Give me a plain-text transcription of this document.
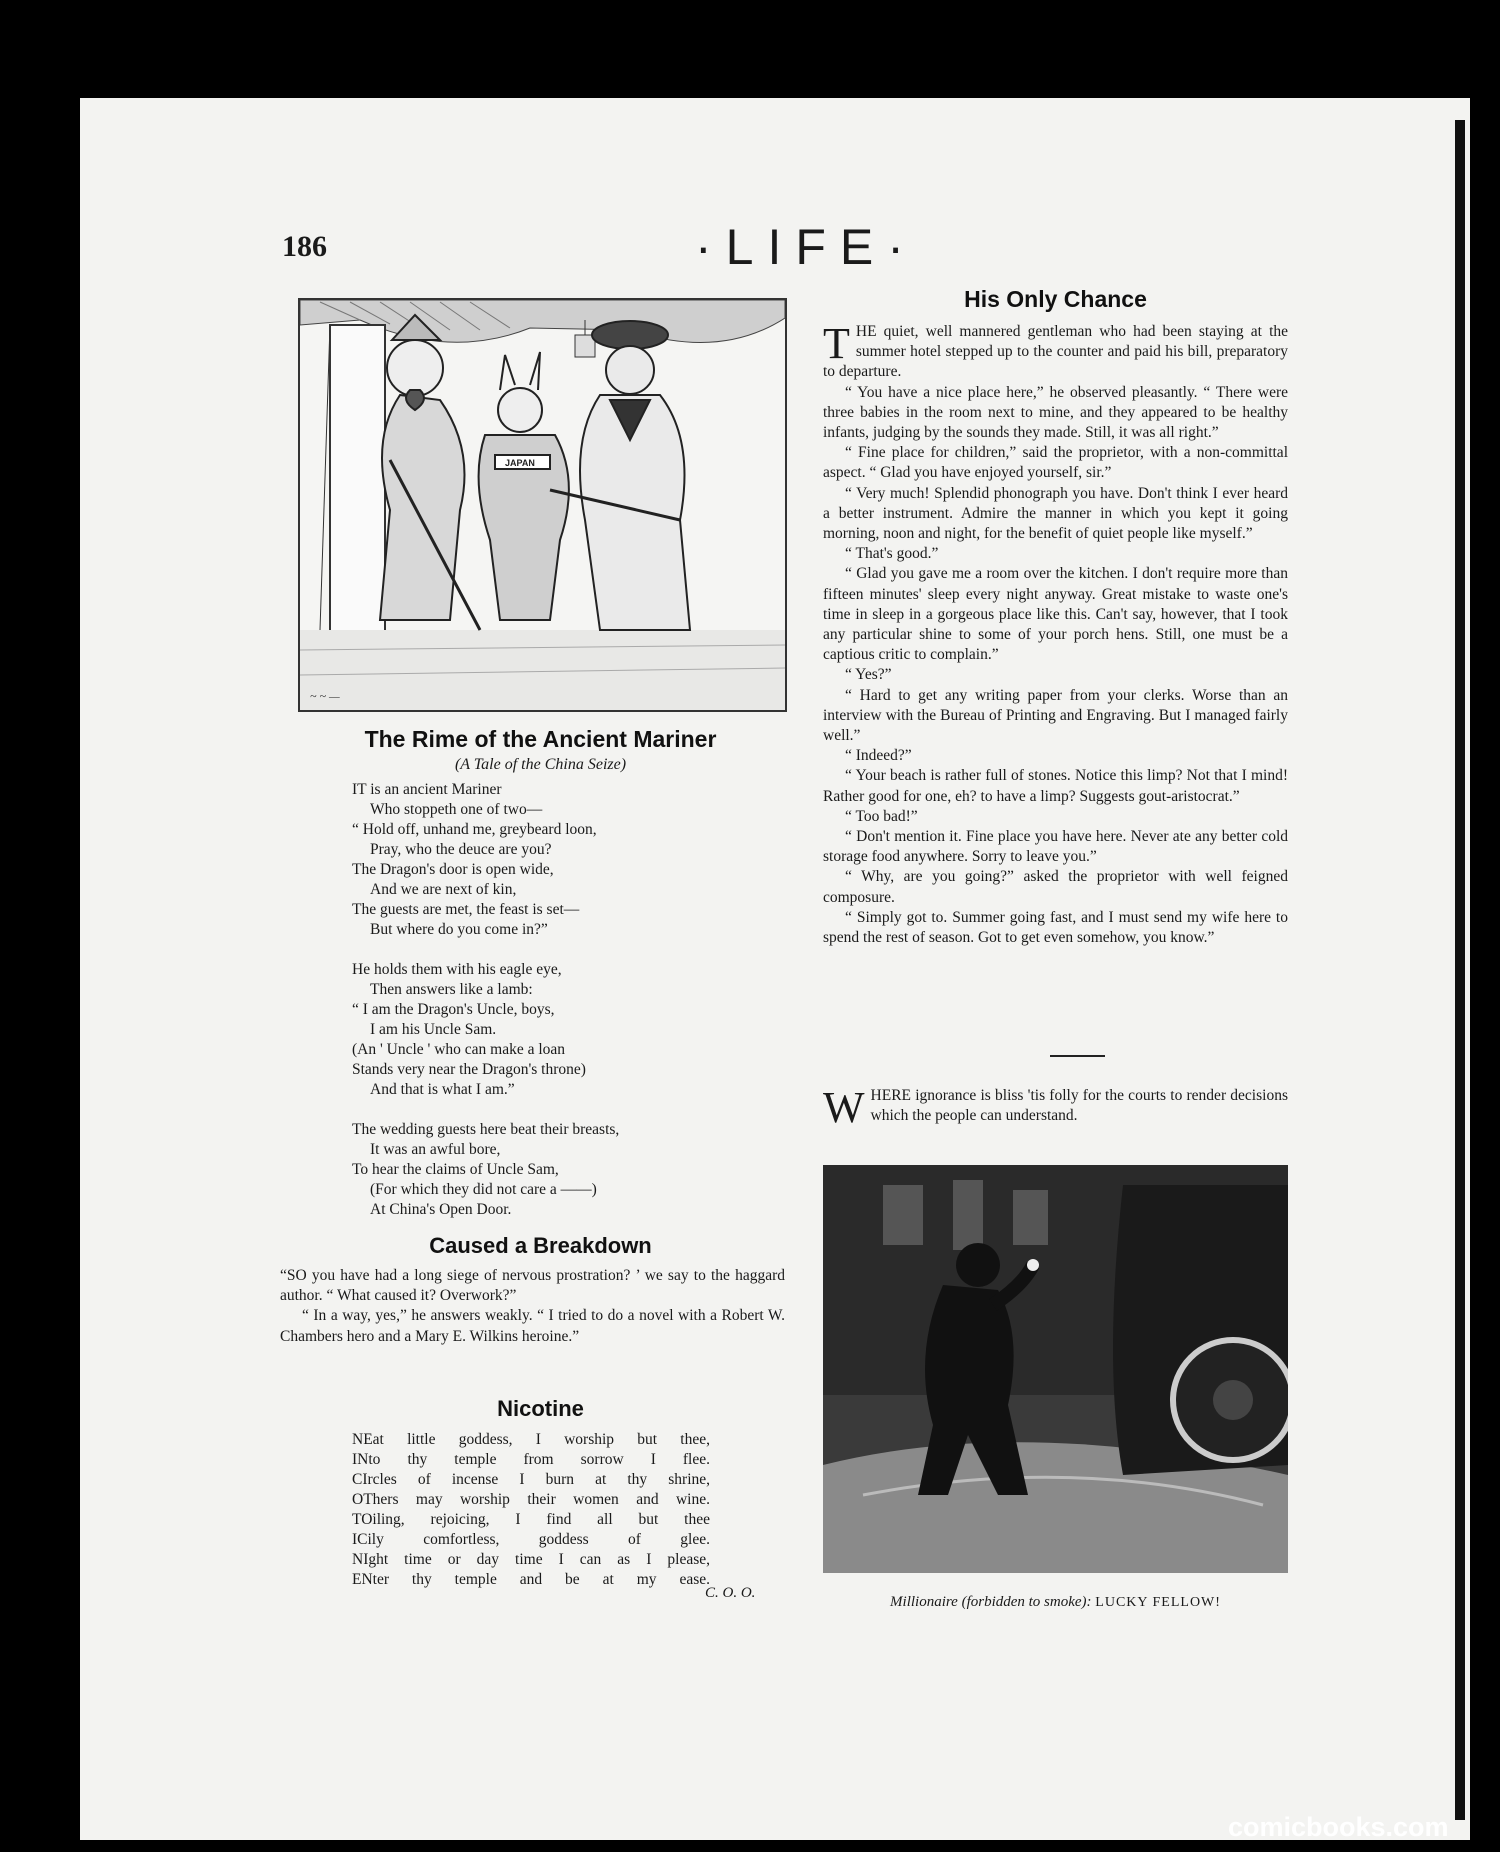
186	·LIFE·
JAPAN
~ ~ —
The Rime of the Ancient Mariner
(A Tale of the China Seize)

IT is an ancient Mariner

Who stoppeth one of two—

“ Hold off, unhand me, greybeard loon,

Pray, who the deuce are you?

The Dragon's door is open wide,

And we are next of kin,

The guests are met, the feast is set—

But where do you come in?”

He holds them with his eagle eye,

Then answers like a lamb:

“ I am the Dragon's Uncle, boys,

I am his Uncle Sam.

(An ' Uncle ' who can make a loan

Stands very near the Dragon's throne)

And that is what I am.”

The wedding guests here beat their breasts,

It was an awful bore,

To hear the claims of Uncle Sam,

(For which they did not care a ——)

At China's Open Door.

Caused a Breakdown

“SO you have had a long siege of nervous prostration? ’ we say to the haggard author. “ What caused it? Overwork?”

“ In a way, yes,” he answers weakly. “ I tried to do a novel with a Robert W. Chambers hero and a Mary E. Wilkins heroine.”

Nicotine

NEat little goddess, I worship but thee,

INto thy temple from sorrow I flee.

CIrcles of incense I burn at thy shrine,

OThers may worship their women and wine.

TOiling, rejoicing, I find all but thee

ICily comfortless, goddess of glee.

NIght time or day time I can as I please,

ENter thy temple and be at my ease.

C. O. O.
His Only Chance

THE quiet, well mannered gentleman who had been staying at the summer hotel stepped up to the counter and paid his bill, preparatory to departure.

“ You have a nice place here,” he observed pleasantly. “ There were three babies in the room next to mine, and they appeared to be healthy infants, judging by the sounds they made. Still, it was all right.”

“ Fine place for children,” said the proprietor, with a non-committal aspect. “ Glad you have enjoyed yourself, sir.”

“ Very much! Splendid phonograph you have. Don't think I ever heard a better instrument. Admire the manner in which you kept it going morning, noon and night, for the benefit of quiet people like myself.”

“ That's good.”

“ Glad you gave me a room over the kitchen. I don't require more than fifteen minutes' sleep every night anyway. Great mistake to waste one's time in sleep in a gorgeous place like this. Can't say, however, that I took any particular shine to some of your porch hens. Still, one must be a captious critic to complain.”

“ Yes?”

“ Hard to get any writing paper from your clerks. Worse than an interview with the Bureau of Printing and Engraving. But I managed fairly well.”

“ Indeed?”

“ Your beach is rather full of stones. Notice this limp? Not that I mind! Rather good for one, eh? to have a limp? Suggests gout-aristocrat.”

“ Too bad!”

“ Don't mention it. Fine place you have here. Never ate any better cold storage food anywhere. Sorry to leave you.”

“ Why, are you going?” asked the proprietor with well feigned composure.

“ Simply got to. Summer going fast, and I must send my wife here to spend the rest of season. Got to get even somehow, you know.”

WHERE ignorance is bliss 'tis folly for the courts to render decisions which the people can understand.

Millionaire (forbidden to smoke): LUCKY FELLOW!
comicbooks.com
